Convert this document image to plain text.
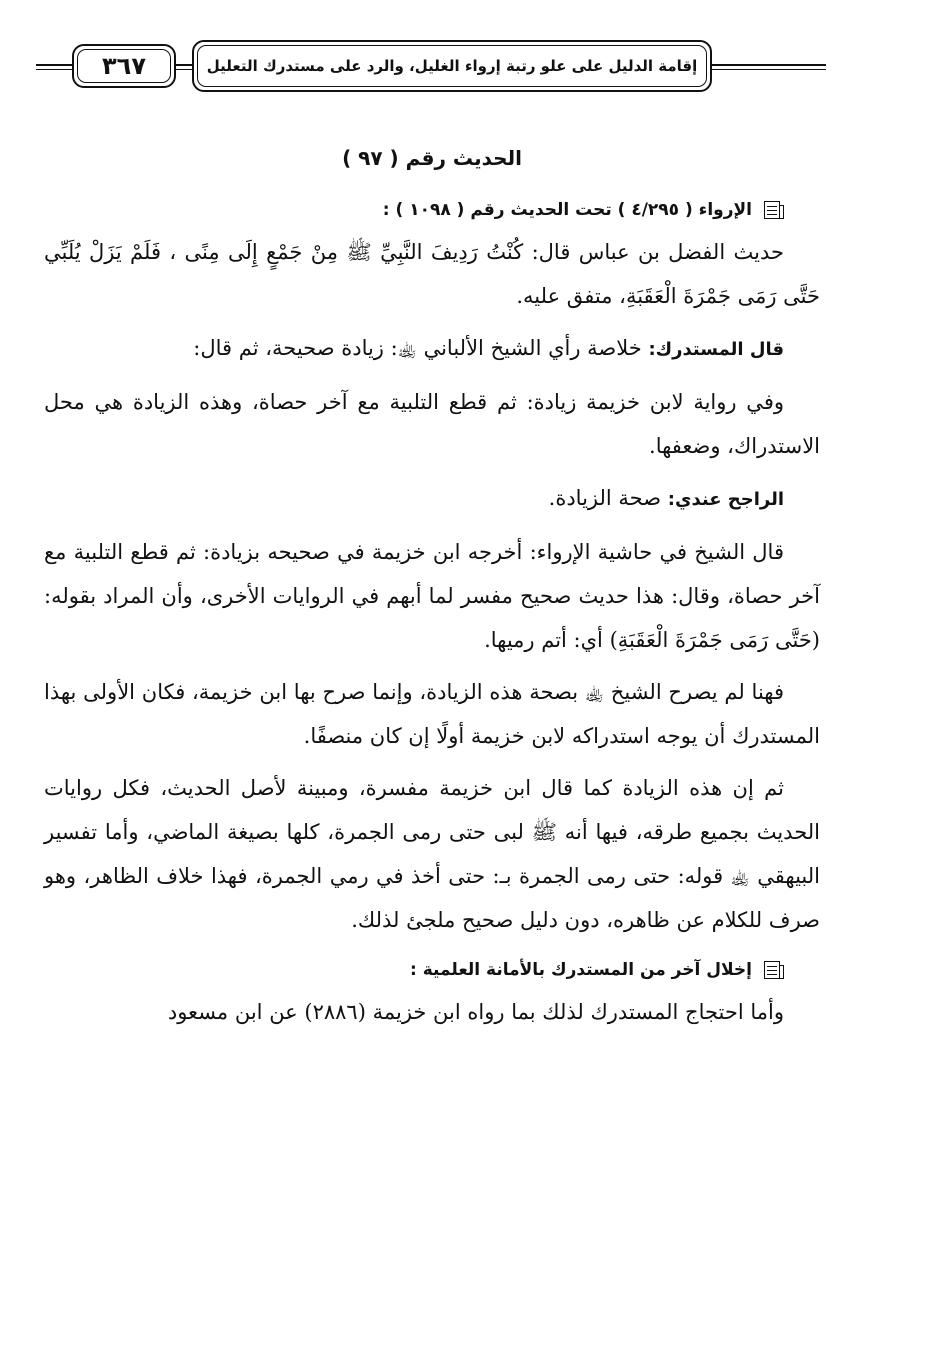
٣٦٧	إقامة الدليل على علو رتبة إرواء الغليل، والرد على مستدرك التعليل
الحديث رقم ( ٩٧ )
الإرواء ( ٤/٢٩٥ ) تحت الحديث رقم ( ١٠٩٨ ) :

حديث الفضل بن عباس قال: كُنْتُ رَدِيفَ النَّبِيِّ ﷺ مِنْ جَمْعٍ إِلَى مِنًى ، فَلَمْ يَزَلْ يُلَبِّي حَتَّى رَمَى جَمْرَةَ الْعَقَبَةِ، متفق عليه.

قال المستدرك: خلاصة رأي الشيخ الألباني ﵀: زيادة صحيحة، ثم قال:

وفي رواية لابن خزيمة زيادة: ثم قطع التلبية مع آخر حصاة، وهذه الزيادة هي محل الاستدراك، وضعفها.

الراجح عندي: صحة الزيادة.

قال الشيخ في حاشية الإرواء: أخرجه ابن خزيمة في صحيحه بزيادة: ثم قطع التلبية مع آخر حصاة، وقال: هذا حديث صحيح مفسر لما أبهم في الروايات الأخرى، وأن المراد بقوله: (حَتَّى رَمَى جَمْرَةَ الْعَقَبَةِ) أي: أتم رميها.

فهنا لم يصرح الشيخ ﵀ بصحة هذه الزيادة، وإنما صرح بها ابن خزيمة، فكان الأولى بهذا المستدرك أن يوجه استدراكه لابن خزيمة أولًا إن كان منصفًا.

ثم إن هذه الزيادة كما قال ابن خزيمة مفسرة، ومبينة لأصل الحديث، فكل روايات الحديث بجميع طرقه، فيها أنه ﷺ لبى حتى رمى الجمرة، كلها بصيغة الماضي، وأما تفسير البيهقي ﵀ قوله: حتى رمى الجمرة بـ: حتى أخذ في رمي الجمرة، فهذا خلاف الظاهر، وهو صرف للكلام عن ظاهره، دون دليل صحيح ملجئ لذلك.

إخلال آخر من المستدرك بالأمانة العلمية :

وأما احتجاج المستدرك لذلك بما رواه ابن خزيمة (٢٨٨٦) عن ابن مسعود
